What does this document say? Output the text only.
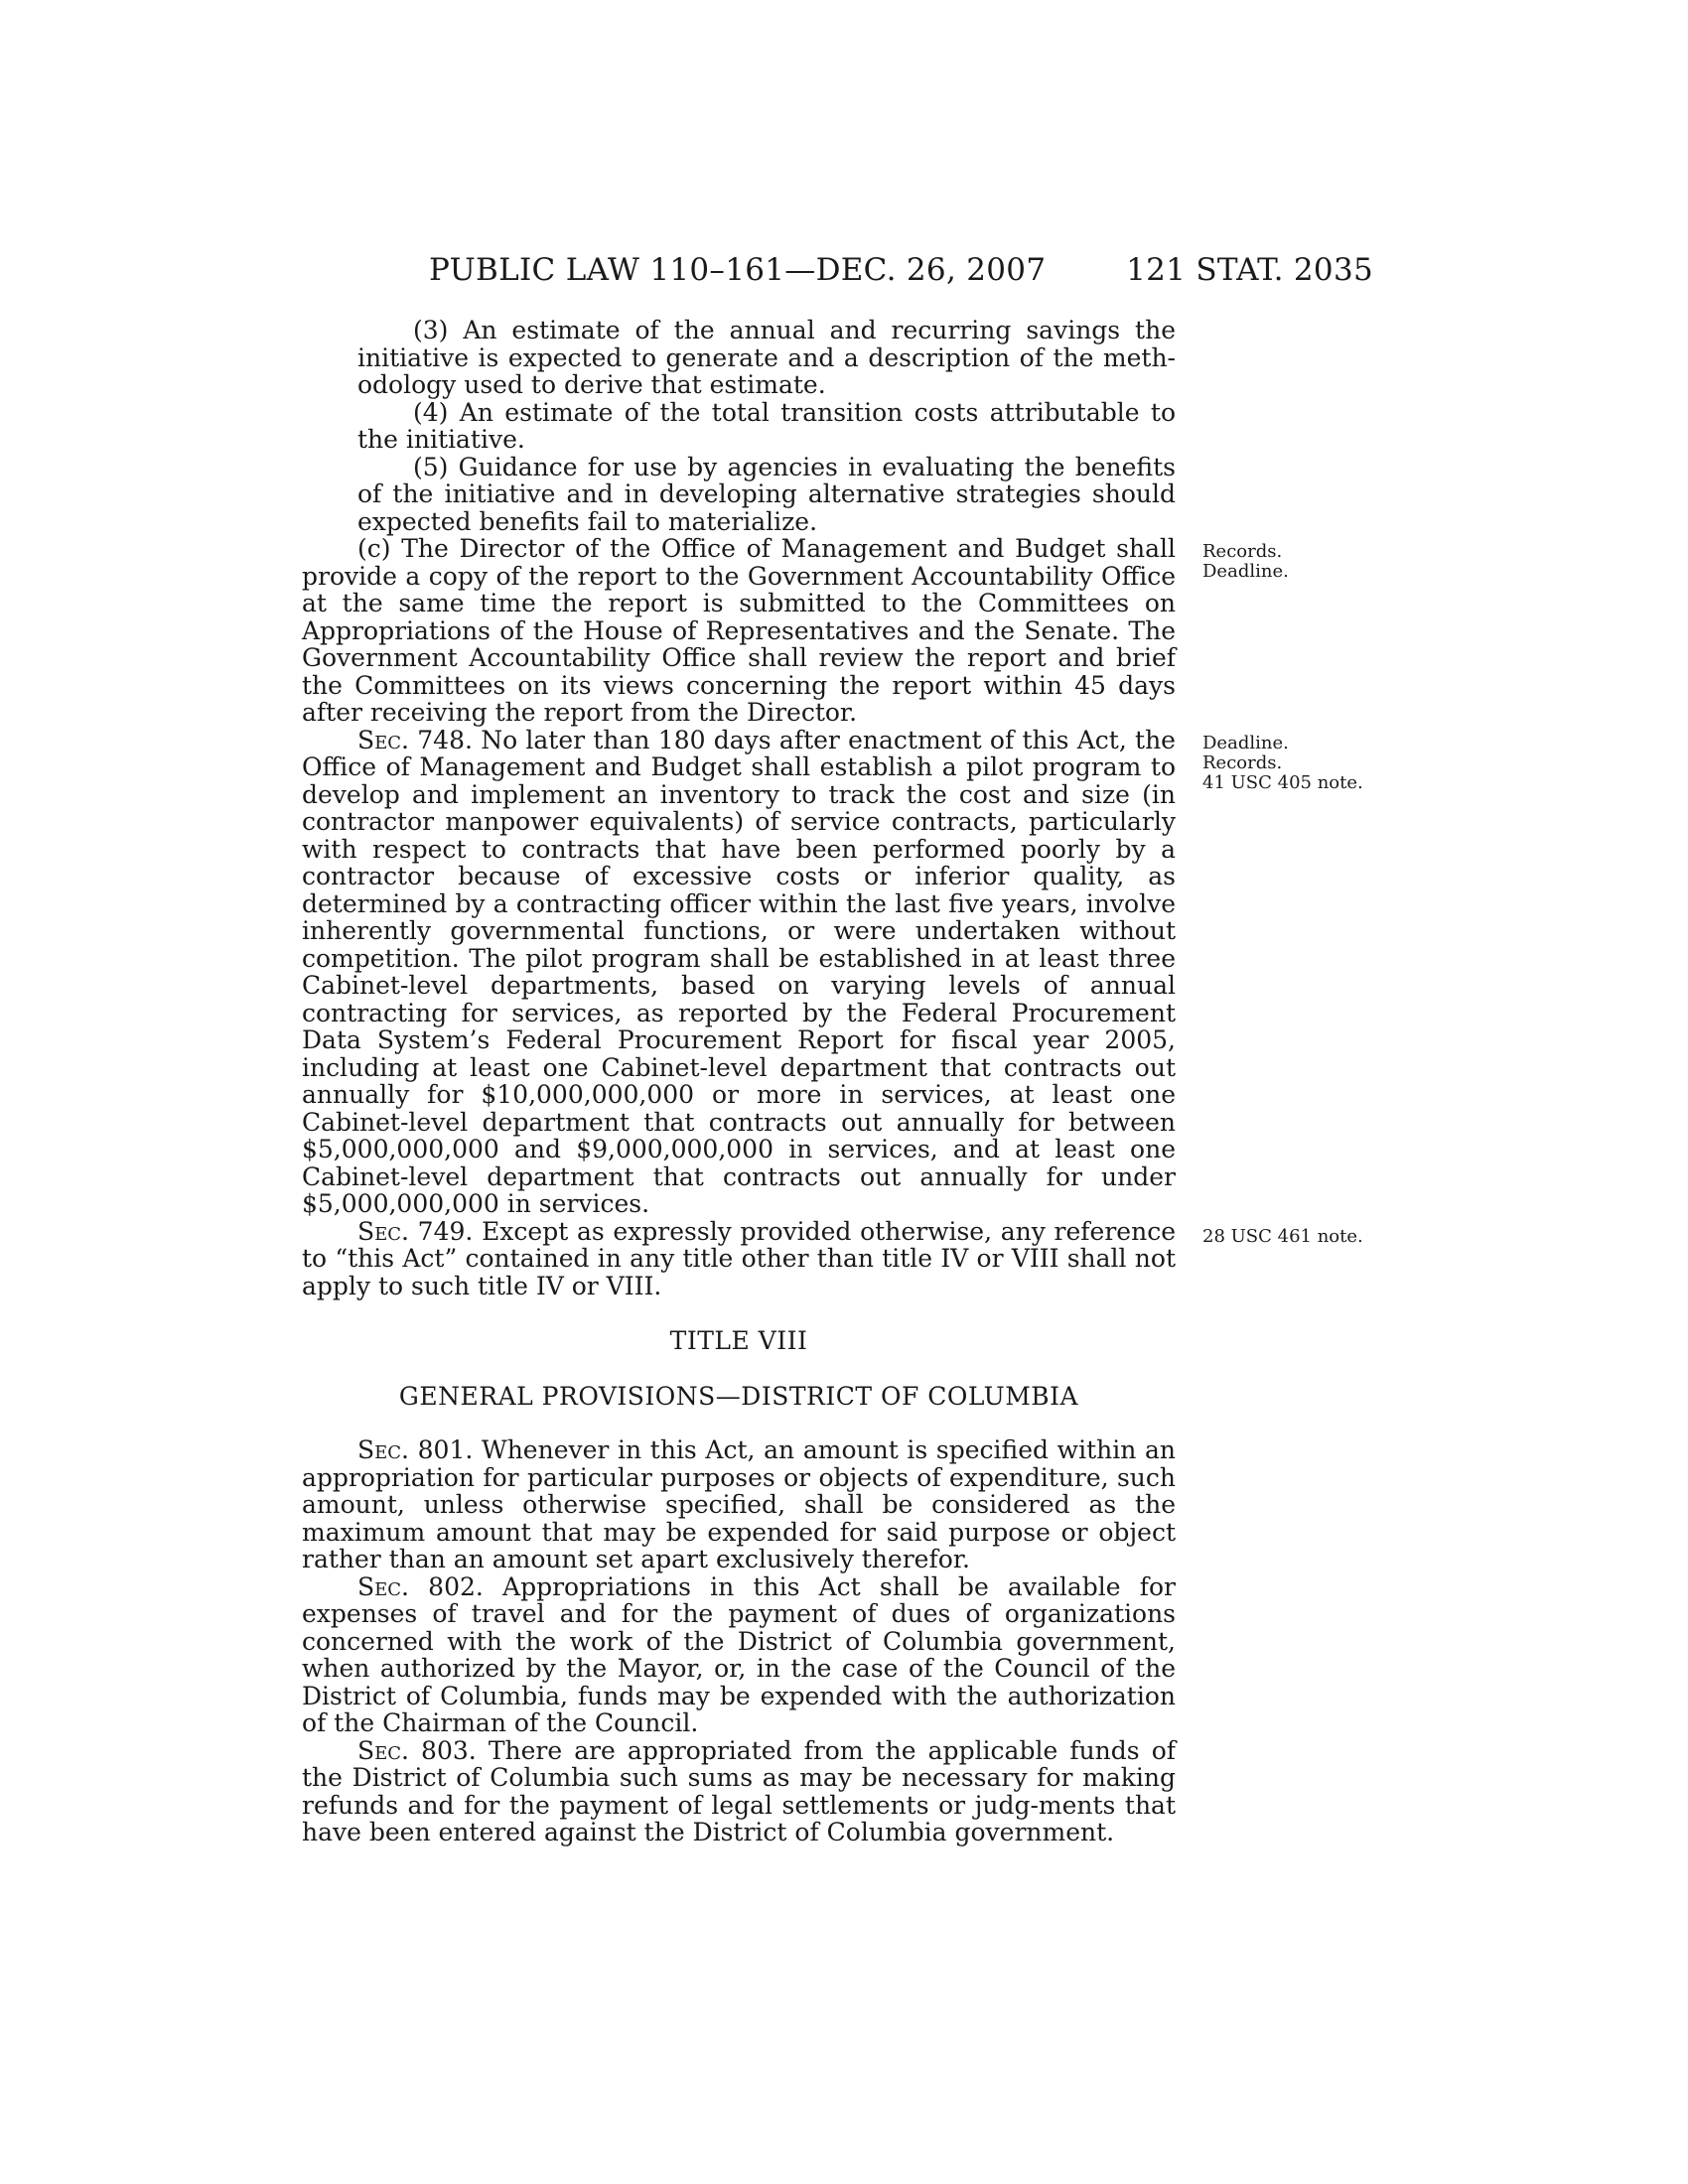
PUBLIC LAW 110–161—DEC. 26, 2007	121 STAT. 2035

(3) An estimate of the annual and recurring savings the initiative is expected to generate and a description of the meth-odology used to derive that estimate.

(4) An estimate of the total transition costs attributable to the initiative.

(5) Guidance for use by agencies in evaluating the benefits of the initiative and in developing alternative strategies should expected benefits fail to materialize.

(c) The Director of the Office of Management and Budget shall provide a copy of the report to the Government Accountability Office at the same time the report is submitted to the Committees on Appropriations of the House of Representatives and the Senate. The Government Accountability Office shall review the report and brief the Committees on its views concerning the report within 45 days after receiving the report from the Director.

Sec. 748. No later than 180 days after enactment of this Act, the Office of Management and Budget shall establish a pilot program to develop and implement an inventory to track the cost and size (in contractor manpower equivalents) of service contracts, particularly with respect to contracts that have been performed poorly by a contractor because of excessive costs or inferior quality, as determined by a contracting officer within the last five years, involve inherently governmental functions, or were undertaken without competition. The pilot program shall be established in at least three Cabinet-level departments, based on varying levels of annual contracting for services, as reported by the Federal Procurement Data System’s Federal Procurement Report for fiscal year 2005, including at least one Cabinet-level department that contracts out annually for $10,000,000,000 or more in services, at least one Cabinet-level department that contracts out annually for between $5,000,000,000 and $9,000,000,000 in services, and at least one Cabinet-level department that contracts out annually for under $5,000,000,000 in services.

Sec. 749. Except as expressly provided otherwise, any reference to “this Act” contained in any title other than title IV or VIII shall not apply to such title IV or VIII.

TITLE VIII

GENERAL PROVISIONS—DISTRICT OF COLUMBIA

Sec. 801. Whenever in this Act, an amount is specified within an appropriation for particular purposes or objects of expenditure, such amount, unless otherwise specified, shall be considered as the maximum amount that may be expended for said purpose or object rather than an amount set apart exclusively therefor.

Sec. 802. Appropriations in this Act shall be available for expenses of travel and for the payment of dues of organizations concerned with the work of the District of Columbia government, when authorized by the Mayor, or, in the case of the Council of the District of Columbia, funds may be expended with the authorization of the Chairman of the Council.

Sec. 803. There are appropriated from the applicable funds of the District of Columbia such sums as may be necessary for making refunds and for the payment of legal settlements or judg-ments that have been entered against the District of Columbia government.

Records.
Deadline.
Deadline.
Records.
41 USC 405 note.
28 USC 461 note.
